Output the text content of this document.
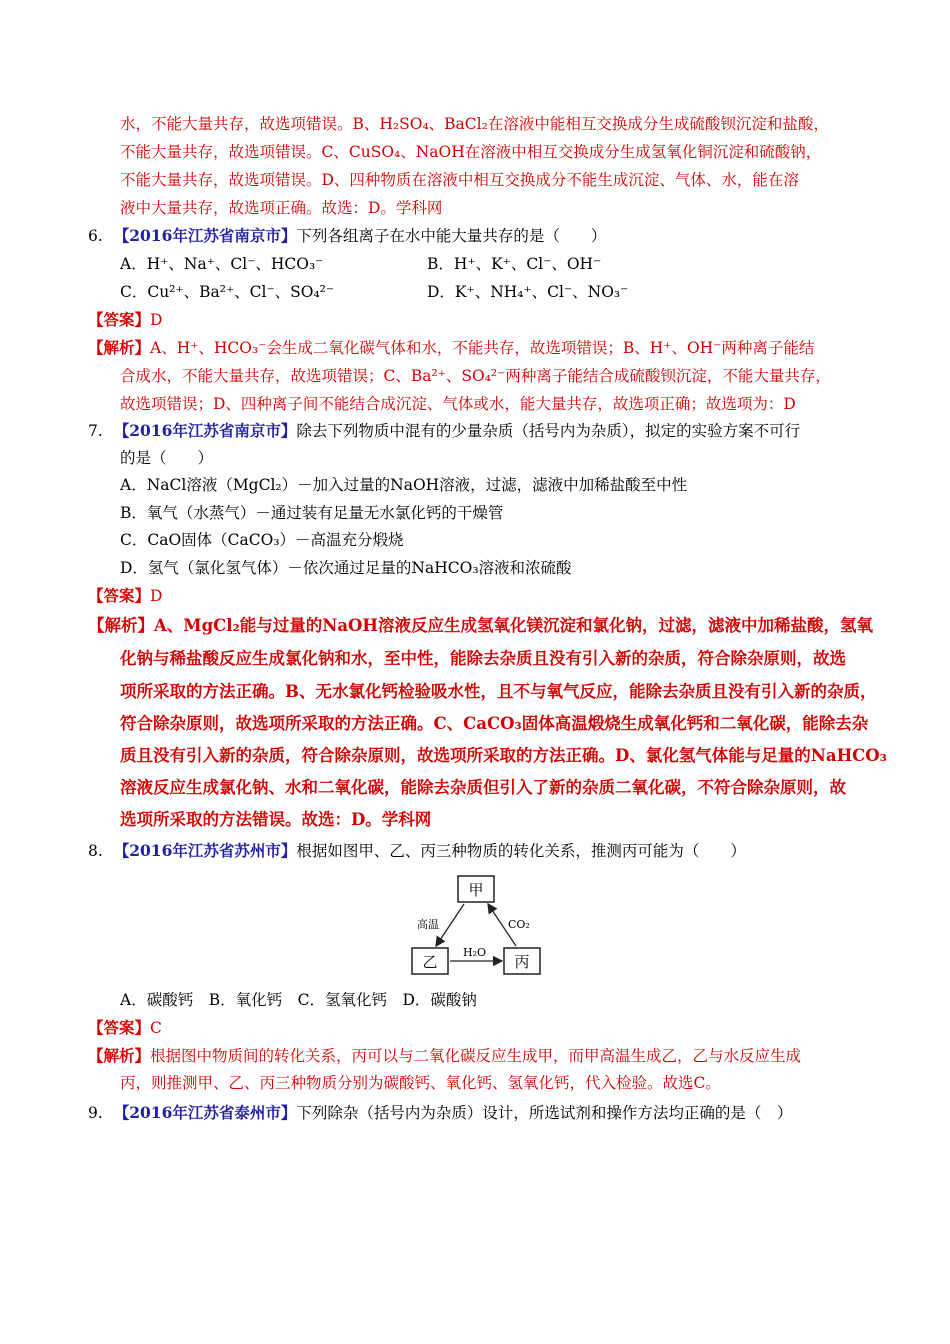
水，不能大量共存，故选项错误。B、H₂SO₄、BaCl₂在溶液中能相互交换成分生成硫酸钡沉淀和盐酸，
不能大量共存，故选项错误。C、CuSO₄、NaOH在溶液中相互交换成分生成氢氧化铜沉淀和硫酸钠，
不能大量共存，故选项错误。D、四种物质在溶液中相互交换成分不能生成沉淀、气体、水，能在溶
液中大量共存，故选项正确。故选：D。学科网
6. 【2016年江苏省南京市】下列各组离子在水中能大量共存的是（　　）
A．H⁺、Na⁺、Cl⁻、HCO₃⁻	B．H⁺、K⁺、Cl⁻、OH⁻
C．Cu²⁺、Ba²⁺、Cl⁻、SO₄²⁻	D．K⁺、NH₄⁺、Cl⁻、NO₃⁻
【答案】D
【解析】A、H⁺、HCO₃⁻会生成二氧化碳气体和水，不能共存，故选项错误；B、H⁺、OH⁻两种离子能结
合成水，不能大量共存，故选项错误；C、Ba²⁺、SO₄²⁻两种离子能结合成硫酸钡沉淀，不能大量共存，
故选项错误；D、四种离子间不能结合成沉淀、气体或水，能大量共存，故选项正确；故选项为：D
7. 【2016年江苏省南京市】除去下列物质中混有的少量杂质（括号内为杂质），拟定的实验方案不可行
的是（　　）
A．NaCl溶液（MgCl₂）－加入过量的NaOH溶液，过滤，滤液中加稀盐酸至中性
B．氧气（水蒸气）－通过装有足量无水氯化钙的干燥管
C．CaO固体（CaCO₃）－高温充分煅烧
D．氢气（氯化氢气体）－依次通过足量的NaHCO₃溶液和浓硫酸
【答案】D
【解析】A、MgCl₂能与过量的NaOH溶液反应生成氢氧化镁沉淀和氯化钠，过滤，滤液中加稀盐酸，氢氧
化钠与稀盐酸反应生成氯化钠和水，至中性，能除去杂质且没有引入新的杂质，符合除杂原则，故选
项所采取的方法正确。B、无水氯化钙检验吸水性，且不与氧气反应，能除去杂质且没有引入新的杂质，
符合除杂原则，故选项所采取的方法正确。C、CaCO₃固体高温煅烧生成氧化钙和二氧化碳，能除去杂
质且没有引入新的杂质，符合除杂原则，故选项所采取的方法正确。D、氯化氢气体能与足量的NaHCO₃
溶液反应生成氯化钠、水和二氧化碳，能除去杂质但引入了新的杂质二氧化碳，不符合除杂原则，故
选项所采取的方法错误。故选：D。学科网
8. 【2016年江苏省苏州市】根据如图甲、乙、丙三种物质的转化关系，推测丙可能为（　　）
甲
乙	丙
高温	CO₂
H₂O
A．碳酸钙　B．氧化钙　C．氢氧化钙　D．碳酸钠
【答案】C
【解析】根据图中物质间的转化关系，丙可以与二氧化碳反应生成甲，而甲高温生成乙，乙与水反应生成
丙，则推测甲、乙、丙三种物质分别为碳酸钙、氧化钙、氢氧化钙，代入检验。故选C。
9. 【2016年江苏省泰州市】下列除杂（括号内为杂质）设计，所选试剂和操作方法均正确的是（　）
